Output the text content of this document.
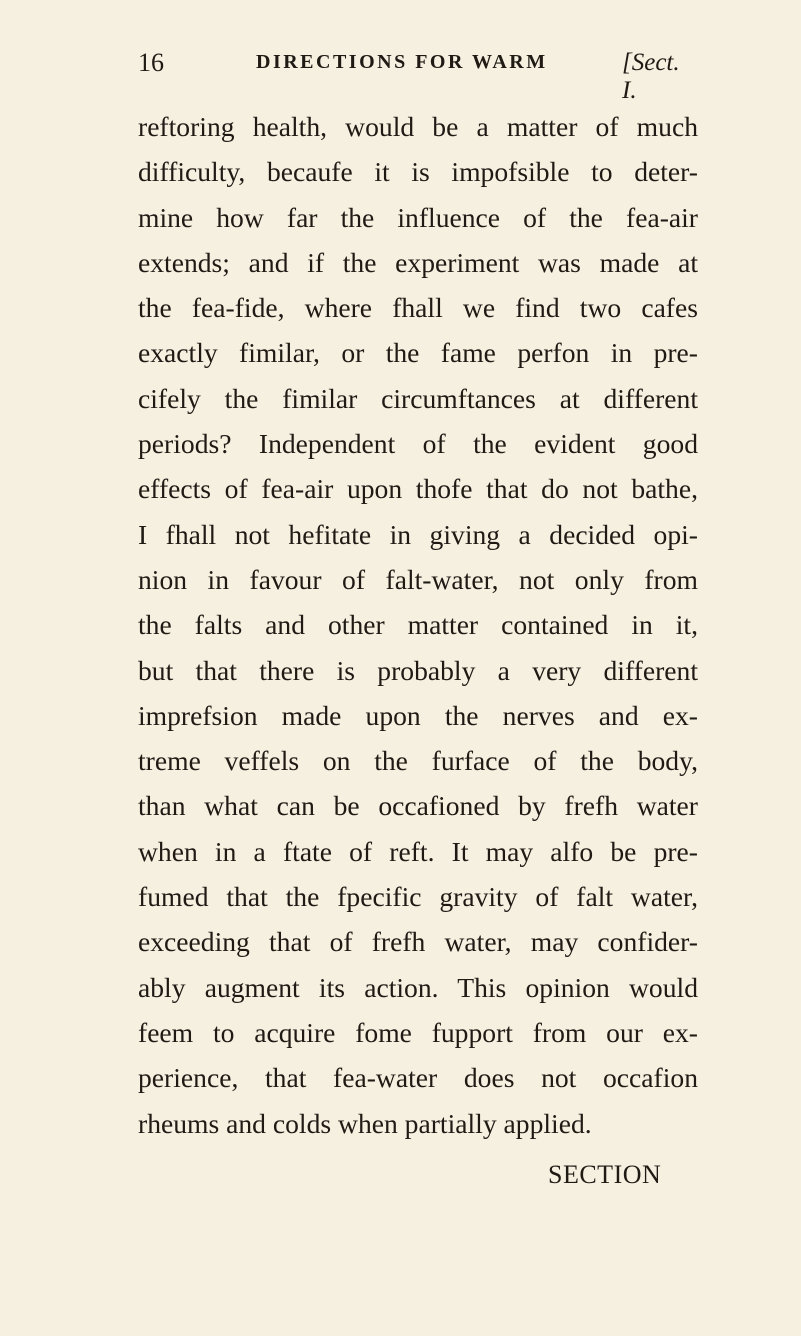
16	DIRECTIONS FOR WARM	[Sect. I.
reftoring health, would be a matter of much
difficulty, becaufe it is impofsible to deter-
mine how far the influence of the fea-air
extends; and if the experiment was made at
the fea-fide, where fhall we find two cafes
exactly fimilar, or the fame perfon in pre-
cifely the fimilar circumftances at different
periods? Independent of the evident good
effects of fea-air upon thofe that do not bathe,
I fhall not hefitate in giving a decided opi-
nion in favour of falt-water, not only from
the falts and other matter contained in it,
but that there is probably a very different
imprefsion made upon the nerves and ex-
treme veffels on the furface of the body,
than what can be occafioned by frefh water
when in a ftate of reft. It may alfo be pre-
fumed that the fpecific gravity of falt water,
exceeding that of frefh water, may confider-
ably augment its action. This opinion would
feem to acquire fome fupport from our ex-
perience, that fea-water does not occafion
rheums and colds when partially applied.
SECTION
